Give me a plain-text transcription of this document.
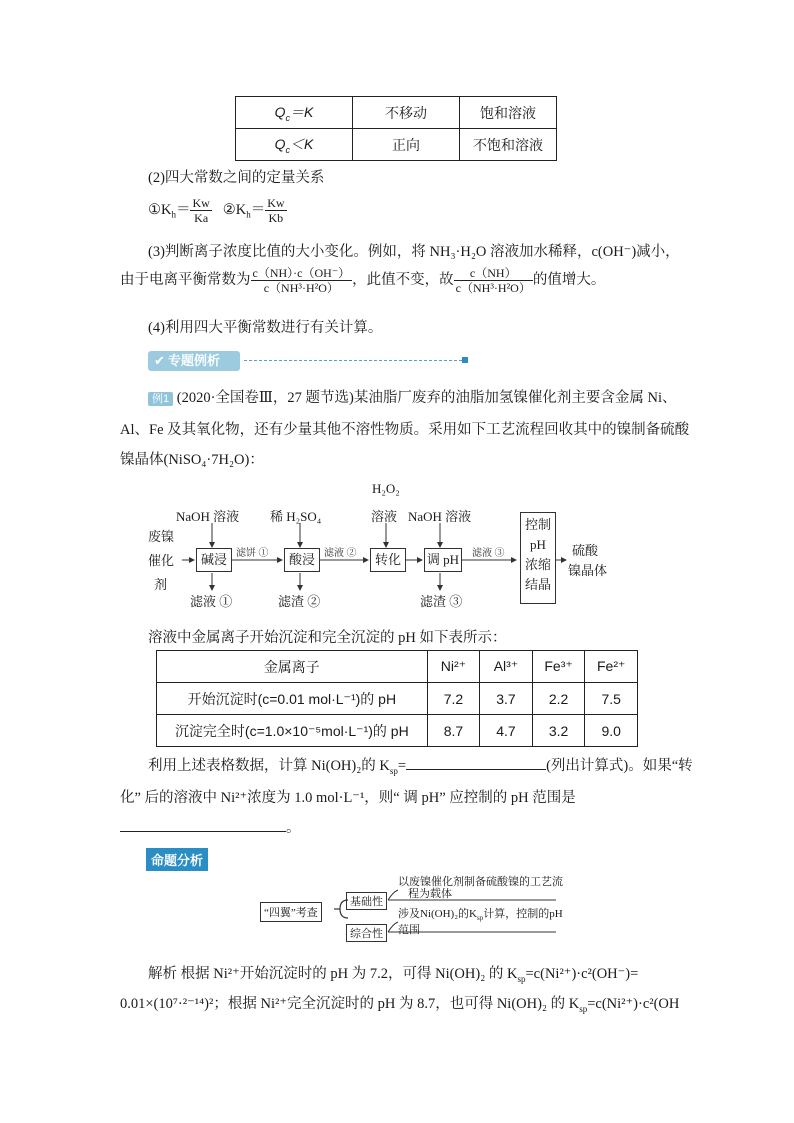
$Q_c=K$	不移动	饱和溶液
$Q_c<K$	正向	不饱和溶液
(2)四大常数之间的定量关系
$①K_h= \frac{Kw}{Ka}$ $②K_h= \frac{Kw}{Kb}$
(3)判断离子浓度比值的大小变化。例如，将 NH₃·H₂O 溶液加水稀释，c(OH⁻)减小，
由于电离平衡常数为 $\frac{c(NH)\cdot c(OH^-)}{\text{c（NH³·H²O）}}$ ，此值不变，故 $\frac{c(NH)}{\text{c（NH³·H²O）}}$ 的值增大。
(4)利用四大平衡常数进行有关计算。
✔ 专题例析
例1 (2020·全国卷Ⅲ，27 题节选)某油脂厂废弃的油脂加氢镍催化剂主要含金属 Ni、
Al、Fe 及其氧化物，还有少量其他不溶性物质。采用如下工艺流程回收其中的镍制备硫酸
镍晶体(NiSO₄·7H₂O)：
H₂O₂
NaOH 溶液 稀 H₂SO₄	溶液 NaOH 溶液
废镍
催化
剂
碱浸	酸浸	转化	调 pH
控制
pH
浓缩
结晶
滤饼 ①	滤液 ②	滤液 ③
滤液 ①	滤渣 ②	滤渣 ③
硫酸
镍晶体
溶液中金属离子开始沉淀和完全沉淀的 pH 如下表所示：
金属离子	Ni²⁺	Al³⁺	Fe³⁺	Fe²⁺
开始沉淀时(c=0.01 mol·L⁻¹)的 pH	7.2	3.7	2.2	7.5
沉淀完全时(c=1.0×10⁻⁵mol·L⁻¹)的 pH	8.7	4.7	3.2	9.0
利用上述表格数据，计算 Ni(OH)₂的 $K_{sp}=$	(列出计算式)。如果“转
化” 后的溶液中 Ni²⁺浓度为 1.0 mol·L⁻¹，则“ 调 pH” 应控制的 pH 范围是
。
命题分析
“四翼”考查
基础性
综合性
以废镍催化剂制备硫酸镍的工艺流
程为载体
涉及Ni(OH)₂的$K_{sp}$计算，控制的pH
范围
解析 根据 Ni²⁺开始沉淀时的 pH 为 7.2，可得 Ni(OH)₂ 的 $K_{sp}=c(Ni^{2+})\cdot c^2(OH^-)=$
0.01×(10⁷·²⁻¹⁴)²；根据 Ni²⁺完全沉淀时的 pH 为 8.7，也可得 Ni(OH)₂ 的 $K_{sp}=c(Ni^{2+})\cdot c^2(OH$
